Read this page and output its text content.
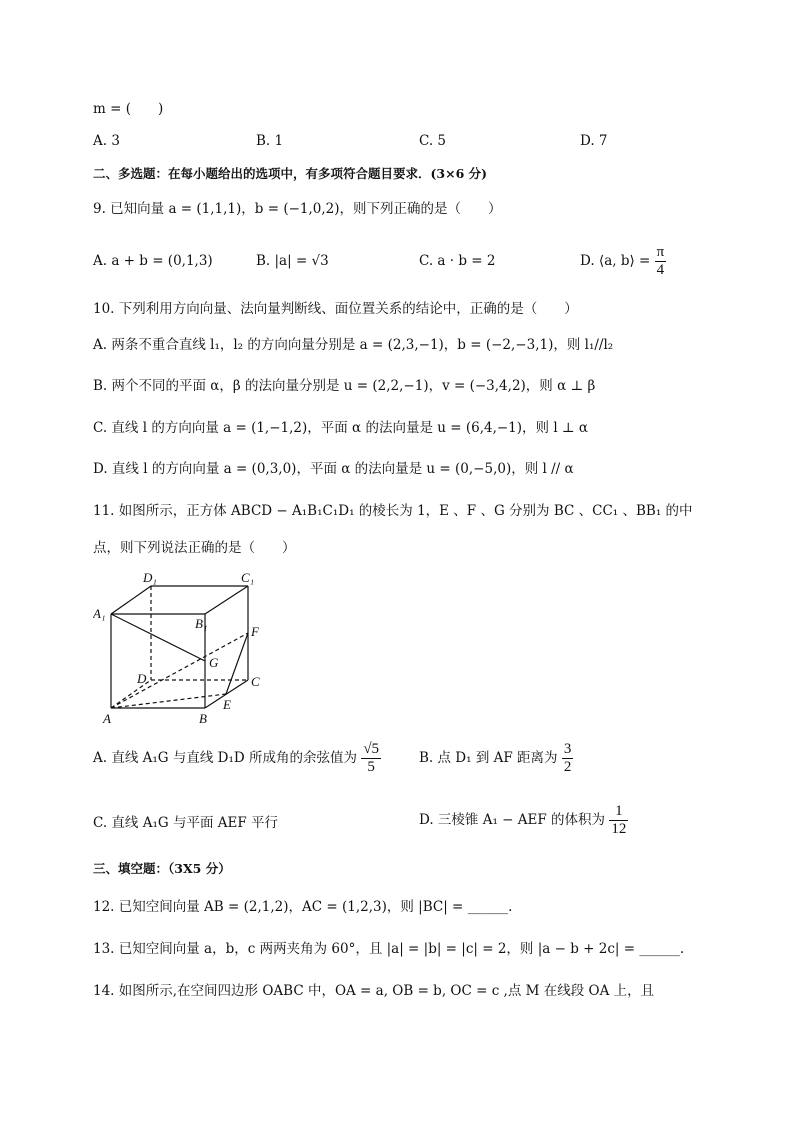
m = (　　)
A. 3	B. 1	C. 5	D. 7
二、多选题：在每小题给出的选项中，有多项符合题目要求．(3×6 分)
9. 已知向量 a = (1,1,1)，b = (−1,0,2)，则下列正确的是（　　）
A. a + b = (0,1,3)	B. |a| = √3	C. a · b = 2	D. ⟨a, b⟩ = $\frac{\pi}{4}$
10. 下列利用方向向量、法向量判断线、面位置关系的结论中，正确的是（　　）
A. 两条不重合直线 l₁，l₂ 的方向向量分别是 a = (2,3,−1)，b = (−2,−3,1)，则 l₁//l₂
B. 两个不同的平面 α，β 的法向量分别是 u = (2,2,−1)，v = (−3,4,2)，则 α ⊥ β
C. 直线 l 的方向向量 a = (1,−1,2)，平面 α 的法向量是 u = (6,4,−1)，则 l ⊥ α
D. 直线 l 的方向向量 a = (0,3,0)，平面 α 的法向量是 u = (0,−5,0)，则 l // α
11. 如图所示，正方体 ABCD − A₁B₁C₁D₁ 的棱长为 1，E 、F 、G 分别为 BC 、CC₁ 、BB₁ 的中
点，则下列说法正确的是（　　）
D₁	C₁
A₁
B₁
F
G
D	C
A	B
E
A. 直线 A₁G 与直线 D₁D 所成角的余弦值为 $\frac{√5}{5}$	B. 点 D₁ 到 AF 距离为 $\frac{3}{2}$
C. 直线 A₁G 与平面 AEF 平行	D. 三棱锥 A₁ − AEF 的体积为 $\frac{1}{12}$
三、填空题：（3X5 分）
12. 已知空间向量 AB = (2,1,2)，AC = (1,2,3)，则 |BC| = ______.
13. 已知空间向量 a，b，c 两两夹角为 60°，且 |a| = |b| = |c| = 2，则 |a − b + 2c| = ______.
14. 如图所示,在空间四边形 OABC 中，OA = a, OB = b, OC = c ,点 M 在线段 OA 上，且
